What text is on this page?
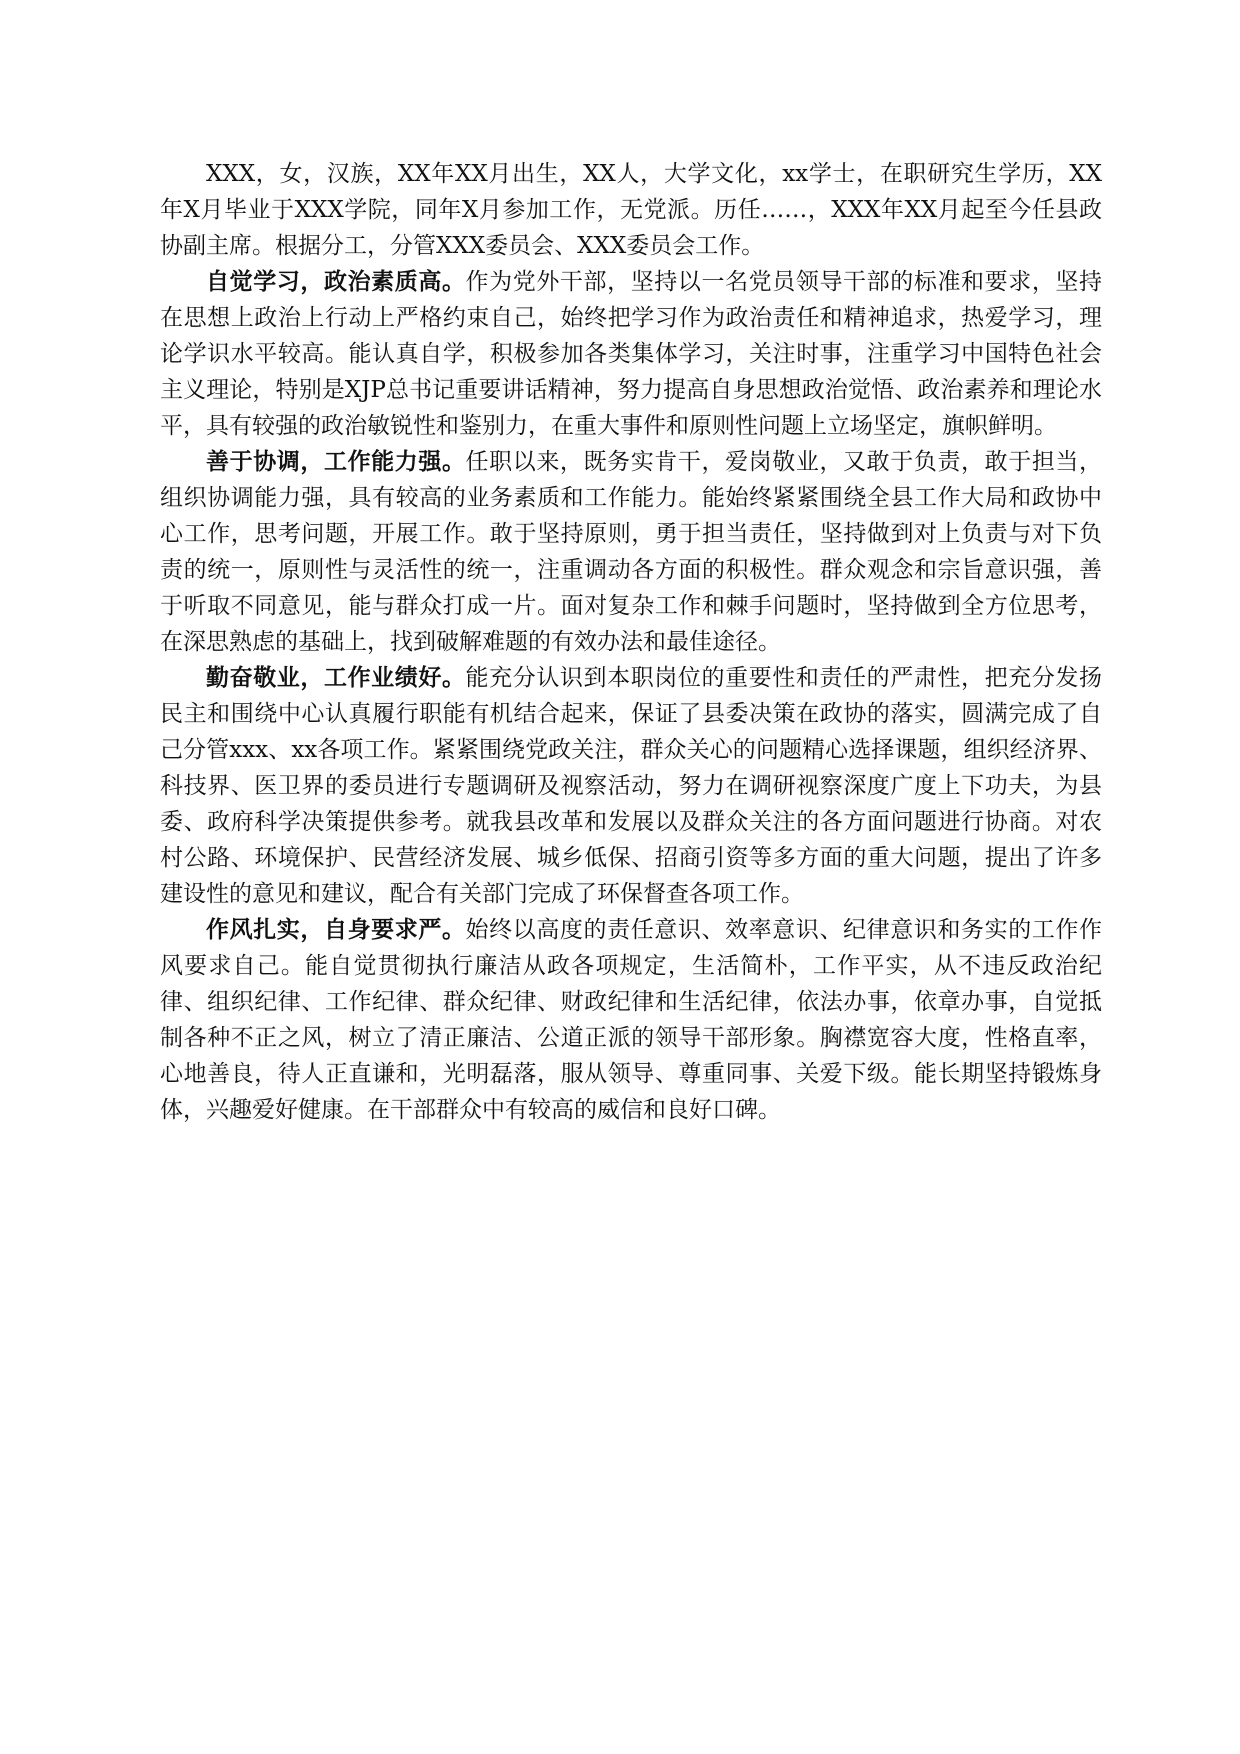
XXX，女，汉族，XX年XX月出生，XX人，大学文化，xx学士，在职研究生学历，XX年X月毕业于XXX学院，同年X月参加工作，无党派。历任……，XXX年XX月起至今任县政协副主席。根据分工，分管XXX委员会、XXX委员会工作。

自觉学习，政治素质高。作为党外干部，坚持以一名党员领导干部的标准和要求，坚持在思想上政治上行动上严格约束自己，始终把学习作为政治责任和精神追求，热爱学习，理论学识水平较高。能认真自学，积极参加各类集体学习，关注时事，注重学习中国特色社会主义理论，特别是XJP总书记重要讲话精神，努力提高自身思想政治觉悟、政治素养和理论水平，具有较强的政治敏锐性和鉴别力，在重大事件和原则性问题上立场坚定，旗帜鲜明。

善于协调，工作能力强。任职以来，既务实肯干，爱岗敬业，又敢于负责，敢于担当，组织协调能力强，具有较高的业务素质和工作能力。能始终紧紧围绕全县工作大局和政协中心工作，思考问题，开展工作。敢于坚持原则，勇于担当责任，坚持做到对上负责与对下负责的统一，原则性与灵活性的统一，注重调动各方面的积极性。群众观念和宗旨意识强，善于听取不同意见，能与群众打成一片。面对复杂工作和棘手问题时，坚持做到全方位思考，在深思熟虑的基础上，找到破解难题的有效办法和最佳途径。

勤奋敬业，工作业绩好。能充分认识到本职岗位的重要性和责任的严肃性，把充分发扬民主和围绕中心认真履行职能有机结合起来，保证了县委决策在政协的落实，圆满完成了自己分管xxx、xx各项工作。紧紧围绕党政关注，群众关心的问题精心选择课题，组织经济界、科技界、医卫界的委员进行专题调研及视察活动，努力在调研视察深度广度上下功夫，为县委、政府科学决策提供参考。就我县改革和发展以及群众关注的各方面问题进行协商。对农村公路、环境保护、民营经济发展、城乡低保、招商引资等多方面的重大问题，提出了许多建设性的意见和建议，配合有关部门完成了环保督查各项工作。

作风扎实，自身要求严。始终以高度的责任意识、效率意识、纪律意识和务实的工作作风要求自己。能自觉贯彻执行廉洁从政各项规定，生活简朴，工作平实，从不违反政治纪律、组织纪律、工作纪律、群众纪律、财政纪律和生活纪律，依法办事，依章办事，自觉抵制各种不正之风，树立了清正廉洁、公道正派的领导干部形象。胸襟宽容大度，性格直率，心地善良，待人正直谦和，光明磊落，服从领导、尊重同事、关爱下级。能长期坚持锻炼身体，兴趣爱好健康。在干部群众中有较高的威信和良好口碑。
